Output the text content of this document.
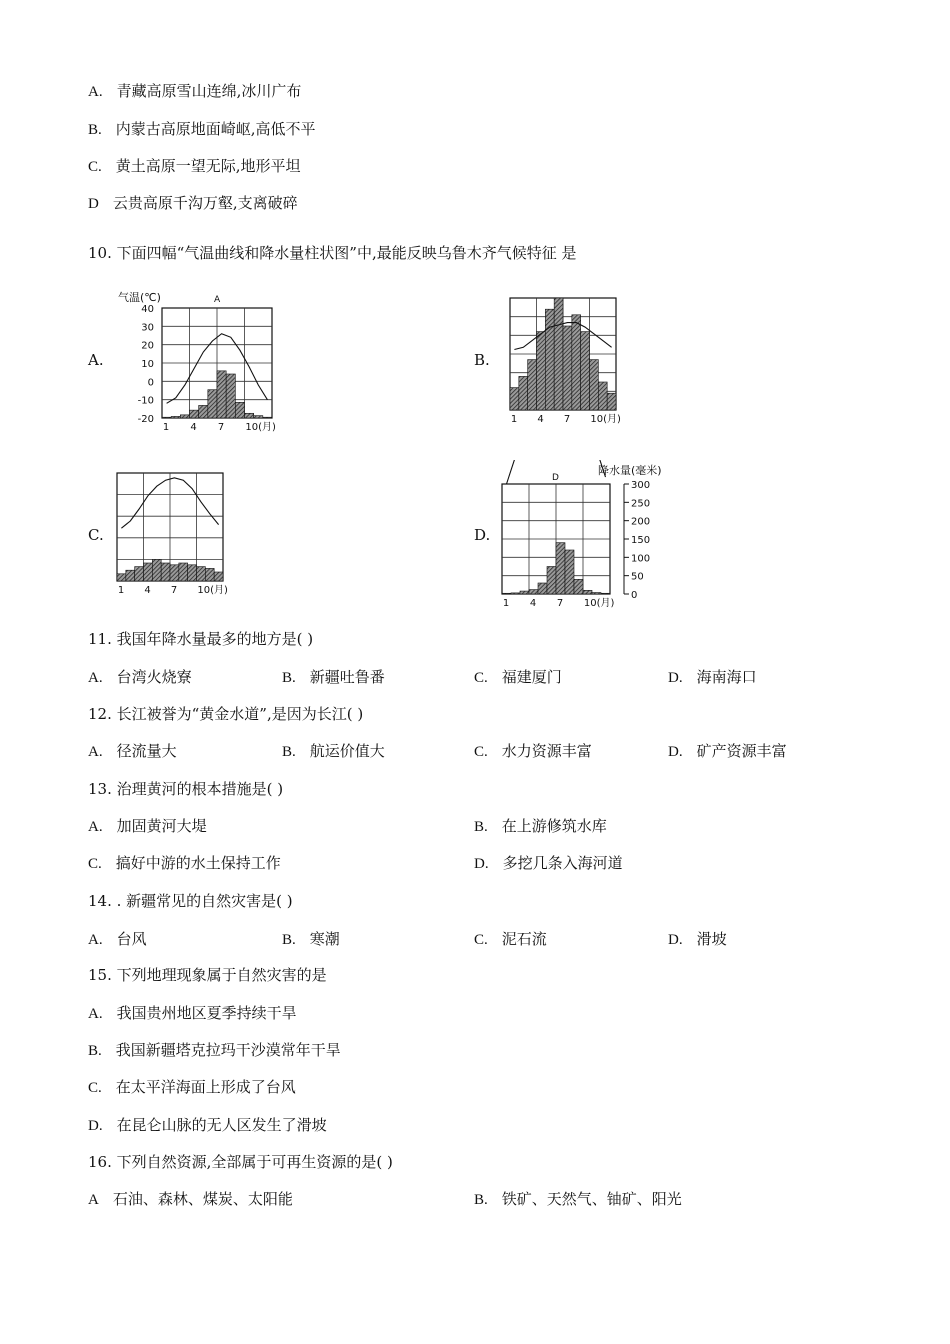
A. 青藏高原雪山连绵,冰川广布
B. 内蒙古高原地面崎岖,高低不平
C. 黄土高原一望无际,地形平坦
D 云贵高原千沟万壑,支离破碎
10. 下面四幅“气温曲线和降水量柱状图”中,最能反映乌鲁木齐气候特征 是
A.	B.
C.	D.
气温(℃)	A
40
30
20
10
0
-10
-20
1 4 7 10(月)
1 4 7 10(月)
1 4 7 10(月)
降水量(毫米)
D
1 4 7 10(月)
300
250
200
150
100
50
0
11. 我国年降水量最多的地方是( )
A. 台湾火烧寮	B. 新疆吐鲁番	C. 福建厦门	D. 海南海口
12. 长江被誉为“黄金水道”,是因为长江( )
A. 径流量大	B. 航运价值大	C. 水力资源丰富	D. 矿产资源丰富
13. 治理黄河的根本措施是( )
A. 加固黄河大堤	B. 在上游修筑水库
C. 搞好中游的水土保持工作	D. 多挖几条入海河道
14. . 新疆常见的自然灾害是( )
A. 台风	B. 寒潮	C. 泥石流	D. 滑坡
15. 下列地理现象属于自然灾害的是
A. 我国贵州地区夏季持续干旱
B. 我国新疆塔克拉玛干沙漠常年干旱
C. 在太平洋海面上形成了台风
D. 在昆仑山脉的无人区发生了滑坡
16. 下列自然资源,全部属于可再生资源的是( )
A 石油、森林、煤炭、太阳能	B. 铁矿、天然气、铀矿、阳光
